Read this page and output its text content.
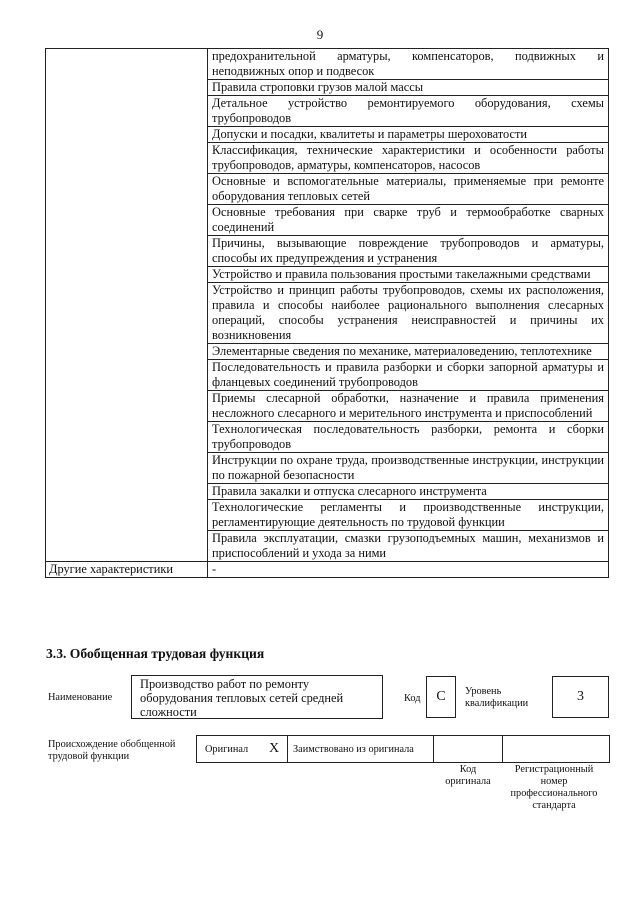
9
	предохранительной арматуры, компенсаторов, подвижных и неподвижных опор и подвесок
	Правила строповки грузов малой массы
	Детальное устройство ремонтируемого оборудования, схемы трубопроводов
	Допуски и посадки, квалитеты и параметры шероховатости
	Классификация, технические характеристики и особенности работы трубопроводов, арматуры, компенсаторов, насосов
	Основные и вспомогательные материалы, применяемые при ремонте оборудования тепловых сетей
	Основные требования при сварке труб и термообработке сварных соединений
	Причины, вызывающие повреждение трубопроводов и арматуры, способы их предупреждения и устранения
	Устройство и правила пользования простыми такелажными средствами
	Устройство и принцип работы трубопроводов, схемы их расположения, правила и способы наиболее рационального выполнения слесарных операций, способы устранения неисправностей и причины их возникновения
	Элементарные сведения по механике, материаловедению, теплотехнике
	Последовательность и правила разборки и сборки запорной арматуры и фланцевых соединений трубопроводов
	Приемы слесарной обработки, назначение и правила применения несложного слесарного и мерительного инструмента и приспособлений
	Технологическая последовательность разборки, ремонта и сборки трубопроводов
	Инструкции по охране труда, производственные инструкции, инструкции по пожарной безопасности
	Правила закалки и отпуска слесарного инструмента
	Технологические регламенты и производственные инструкции, регламентирующие деятельность по трудовой функции
	Правила эксплуатации, смазки грузоподъемных машин, механизмов и приспособлений и ухода за ними
Другие характеристики	-
3.3. Обобщенная трудовая функция
Наименование
Производство работ по ремонту оборудования тепловых сетей средней сложности
Код	C	Уровень квалификации	3
Происхождение обобщенной трудовой функции
Оригинал X Заимствовано из оригинала
Код оригинала
Регистрационный номер профессионального стандарта
